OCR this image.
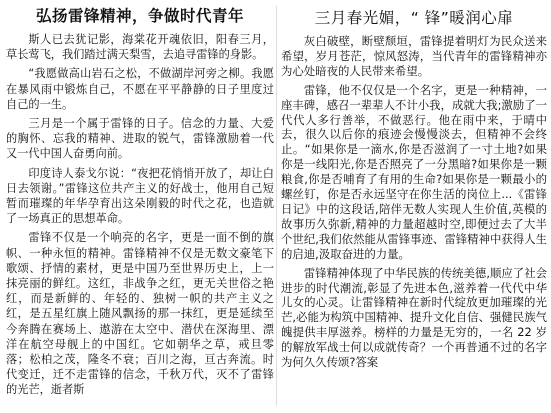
弘扬雷锋精神，争做时代青年

斯人已去犹记影，海棠花开魂依旧，阳春三月，草长莺飞，我们踏过满天梨雪，去追寻雷锋的身影。

“我愿做高山岩石之松，不做湖岸河旁之柳。我愿在暴风雨中锻炼自己，不愿在平平静静的日子里度过自己的一生。

三月是一个属于雷锋的日子。信念的力量、大爱的胸怀、忘我的精神、进取的锐气，雷锋激励着一代又一代中国人奋勇向前。

印度诗人泰戈尔说：“夜把花悄悄开放了，却让白日去领谢。”雷锋这位共产主义的好战士，他用自己短暂而璀璨的年华孕育出这朵刚毅的时代之花，也造就了一场真正的思想革命。

雷锋不仅是一个响亮的名字，更是一面不倒的旗帜、一种永恒的精神。雷锋精神不仅是无数文豪笔下歌颂、抒情的素材，更是中国乃至世界历史上，上一抹亮丽的鲜红。这红，非战争之红，更无关世俗之艳红，而是新鲜的、年轻的、独树一帜的共产主义之红，是五星红旗上随风飘扬的那一抹红，更是延续至今奔腾在赛场上、遨游在太空中、潜伏在深海里、漂洋在航空母舰上的中国红。它如朝华之草，戒旦零落；松柏之茂，隆冬不衰；百川之海，亘古奔流。时代变迁，迁不走雷锋的信念，千秋万代，灭不了雷锋的光芒，逝者斯

三月春光媚，“ 锋”暖润心扉

灰白破壁，断壁颓垣，雷锋提着明灯为民众送来希望，岁月苍茫，惊风怒涛，当代青年的雷锋精神亦为心处暗夜的人民带来希望。

雷锋，他不仅仅是一个名字，更是一种精神，一座丰碑，感召一辈辈人不计小我，成就大我;激励了一代代人多行善举，不做恶行。他在雨中来，于晴中去，很久以后你的痕迹会慢慢淡去，但精神不会终止。“如果你是一滴水,你是否滋润了一寸土地?如果你是一线阳光,你是否照亮了一分黑暗?如果你是一颗粮食,你是否哺育了有用的生命?如果你是一颗最小的螺丝钉，你是否永远坚守在你生活的岗位上...《雷锋日记》中的这段话,陪伴无数人实现人生价值,英模的故事历久弥新,精神的力量超越时空,即便过去了大半个世纪,我们依然能从雷锋事迹、雷锋精神中获得人生的启迪,汲取奋进的力量。

雷锋精神体现了中华民族的传统美德,顺应了社会进步的时代潮流,彰显了先进本色,滋养着一代代中华儿女的心灵。让雷锋精神在新时代绽放更加璀璨的光芒,必能为构筑中国精神、提升文化自信、强健民族气魄提供丰厚滋养。榜样的力量是无穷的，一名 22 岁的解放军战士何以成就传奇？一个再普通不过的名字为何久久传颂?答案
